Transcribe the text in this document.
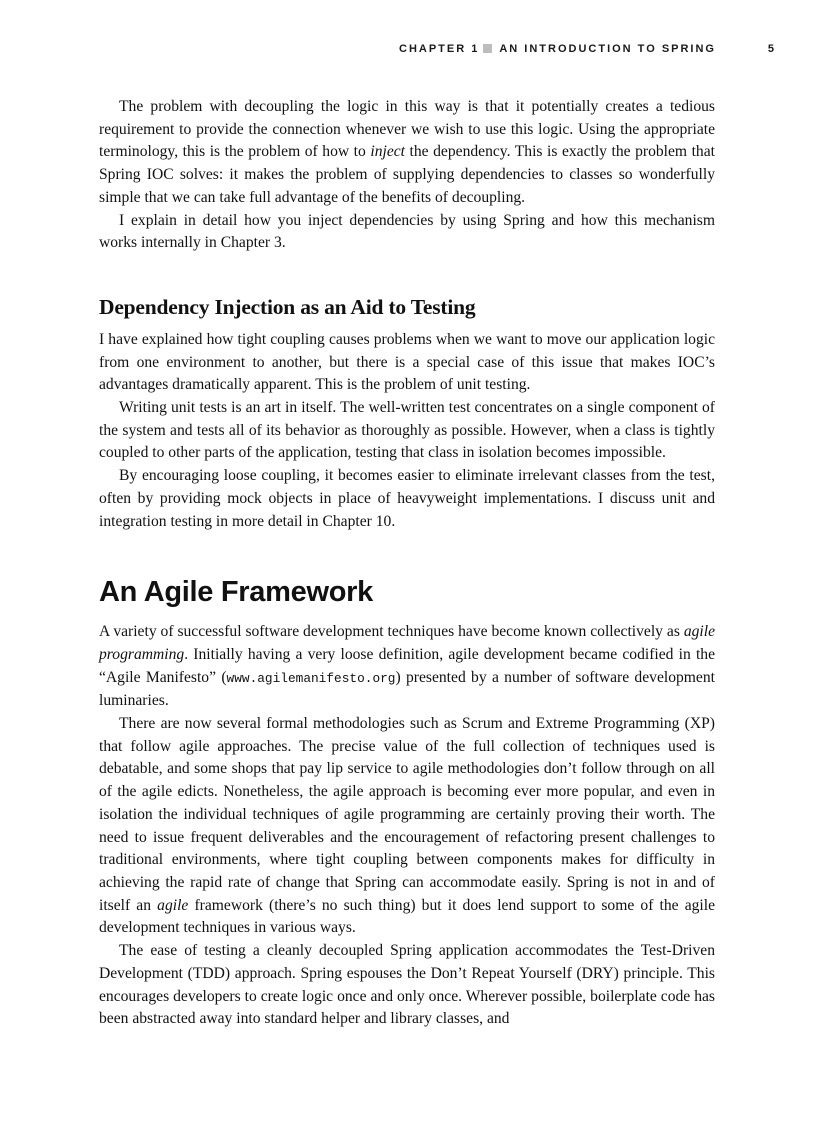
CHAPTER 1 AN INTRODUCTION TO SPRING	5

The problem with decoupling the logic in this way is that it potentially creates a tedious requirement to provide the connection whenever we wish to use this logic. Using the appropriate terminology, this is the problem of how to inject the dependency. This is exactly the problem that Spring IOC solves: it makes the problem of supplying dependencies to classes so wonderfully simple that we can take full advantage of the benefits of decoupling.

I explain in detail how you inject dependencies by using Spring and how this mechanism works internally in Chapter 3.

Dependency Injection as an Aid to Testing

I have explained how tight coupling causes problems when we want to move our application logic from one environment to another, but there is a special case of this issue that makes IOC’s advantages dramatically apparent. This is the problem of unit testing.

Writing unit tests is an art in itself. The well-written test concentrates on a single component of the system and tests all of its behavior as thoroughly as possible. However, when a class is tightly coupled to other parts of the application, testing that class in isolation becomes impossible.

By encouraging loose coupling, it becomes easier to eliminate irrelevant classes from the test, often by providing mock objects in place of heavyweight implementations. I discuss unit and integration testing in more detail in Chapter 10.

An Agile Framework

A variety of successful software development techniques have become known collectively as agile programming. Initially having a very loose definition, agile development became codified in the “Agile Manifesto” (www.agilemanifesto.org) presented by a number of software development luminaries.

There are now several formal methodologies such as Scrum and Extreme Programming (XP) that follow agile approaches. The precise value of the full collection of techniques used is debatable, and some shops that pay lip service to agile methodologies don’t follow through on all of the agile edicts. Nonetheless, the agile approach is becoming ever more popular, and even in isolation the individual techniques of agile programming are certainly proving their worth. The need to issue frequent deliverables and the encouragement of refactoring present challenges to traditional environments, where tight coupling between components makes for difficulty in achieving the rapid rate of change that Spring can accommodate easily. Spring is not in and of itself an agile framework (there’s no such thing) but it does lend support to some of the agile development techniques in various ways.

The ease of testing a cleanly decoupled Spring application accommodates the Test-Driven Development (TDD) approach. Spring espouses the Don’t Repeat Yourself (DRY) principle. This encourages developers to create logic once and only once. Wherever possible, boilerplate code has been abstracted away into standard helper and library classes, and
